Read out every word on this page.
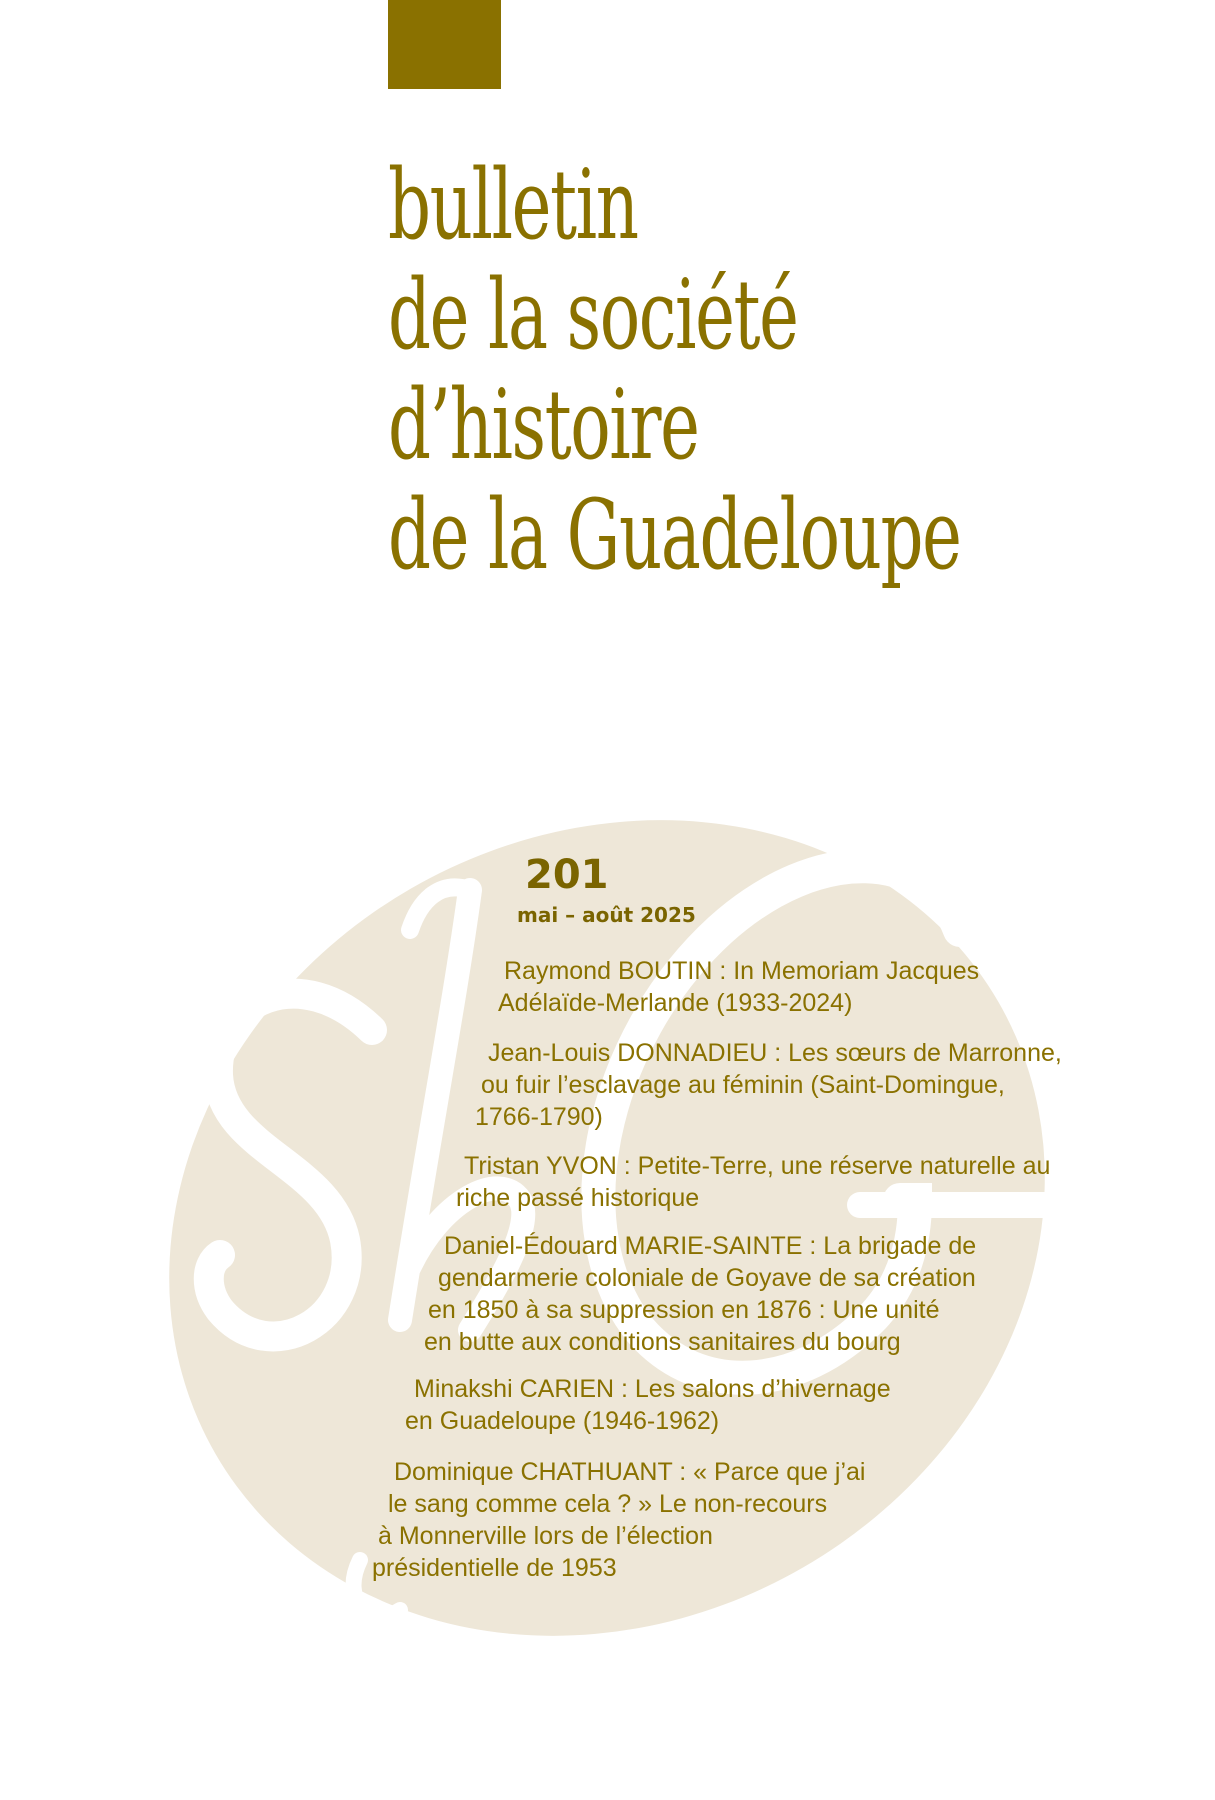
bulletin
de la société
d’histoire
de la Guadeloupe
201
mai – août 2025
Raymond BOUTIN : In Memoriam Jacques
Adélaïde-Merlande (1933-2024)
Jean-Louis DONNADIEU : Les sœurs de Marronne,
ou fuir l’esclavage au féminin (Saint-Domingue,
1766-1790)
Tristan YVON : Petite-Terre, une réserve naturelle au
riche passé historique
Daniel-Édouard MARIE-SAINTE : La brigade de
gendarmerie coloniale de Goyave de sa création
en 1850 à sa suppression en 1876 : Une unité
en butte aux conditions sanitaires du bourg
Minakshi CARIEN : Les salons d’hivernage
en Guadeloupe (1946-1962)
Dominique CHATHUANT : « Parce que j’ai
le sang comme cela ? » Le non-recours
à Monnerville lors de l’élection
présidentielle de 1953
